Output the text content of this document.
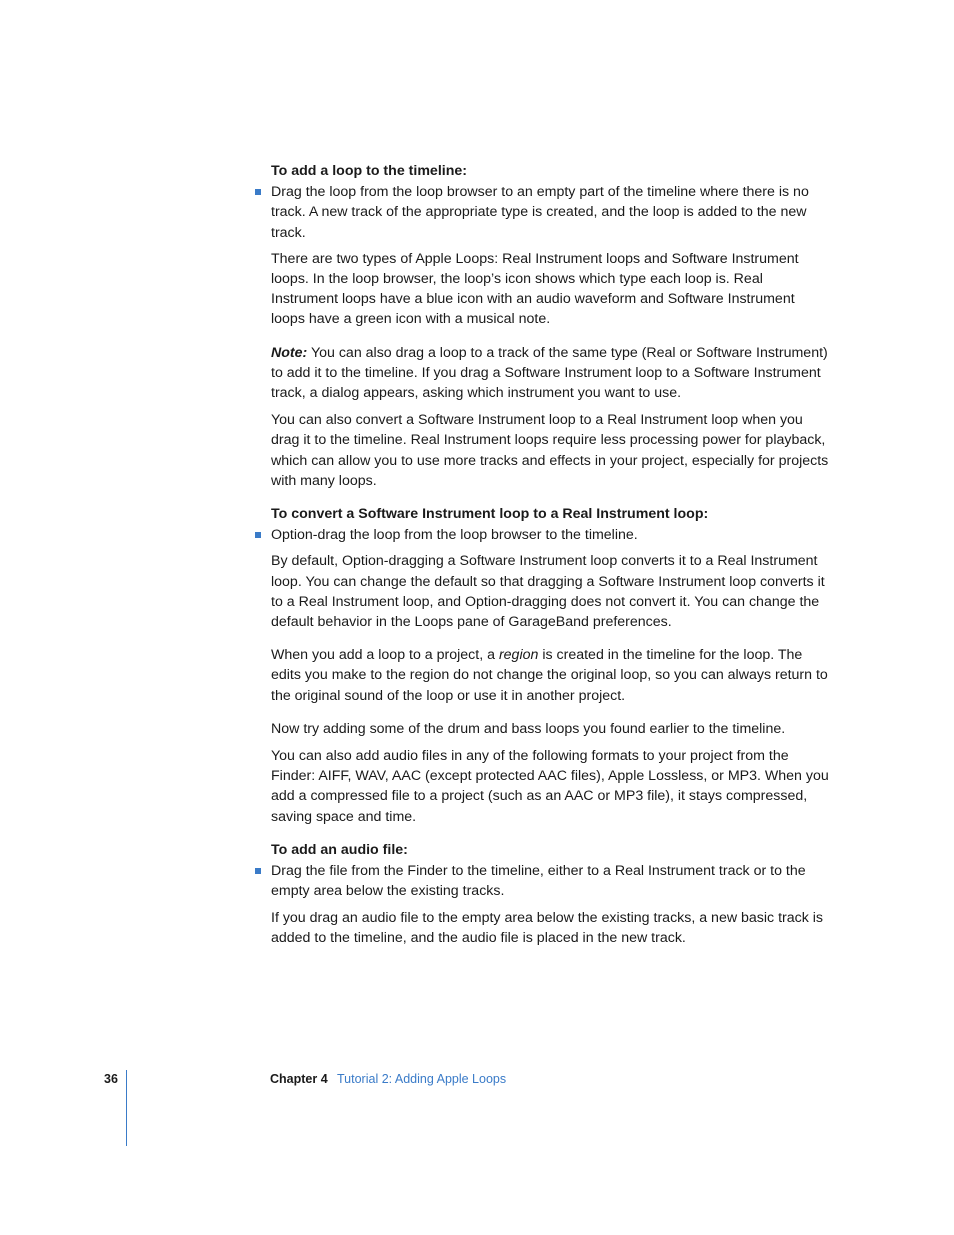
To add a loop to the timeline:
Drag the loop from the loop browser to an empty part of the timeline where there is no track. A new track of the appropriate type is created, and the loop is added to the new track.
There are two types of Apple Loops: Real Instrument loops and Software Instrument loops. In the loop browser, the loop’s icon shows which type each loop is. Real Instrument loops have a blue icon with an audio waveform and Software Instrument loops have a green icon with a musical note.
Note: You can also drag a loop to a track of the same type (Real or Software Instrument) to add it to the timeline. If you drag a Software Instrument loop to a Software Instrument track, a dialog appears, asking which instrument you want to use.
You can also convert a Software Instrument loop to a Real Instrument loop when you drag it to the timeline. Real Instrument loops require less processing power for playback, which can allow you to use more tracks and effects in your project, especially for projects with many loops.
To convert a Software Instrument loop to a Real Instrument loop:
Option-drag the loop from the loop browser to the timeline.
By default, Option-dragging a Software Instrument loop converts it to a Real Instrument loop. You can change the default so that dragging a Software Instrument loop converts it to a Real Instrument loop, and Option-dragging does not convert it. You can change the default behavior in the Loops pane of GarageBand preferences.
When you add a loop to a project, a region is created in the timeline for the loop. The edits you make to the region do not change the original loop, so you can always return to the original sound of the loop or use it in another project.
Now try adding some of the drum and bass loops you found earlier to the timeline.
You can also add audio files in any of the following formats to your project from the Finder: AIFF, WAV, AAC (except protected AAC files), Apple Lossless, or MP3. When you add a compressed file to a project (such as an AAC or MP3 file), it stays compressed, saving space and time.
To add an audio file:
Drag the file from the Finder to the timeline, either to a Real Instrument track or to the empty area below the existing tracks.
If you drag an audio file to the empty area below the existing tracks, a new basic track is added to the timeline, and the audio file is placed in the new track.
36	Chapter 4 Tutorial 2: Adding Apple Loops
